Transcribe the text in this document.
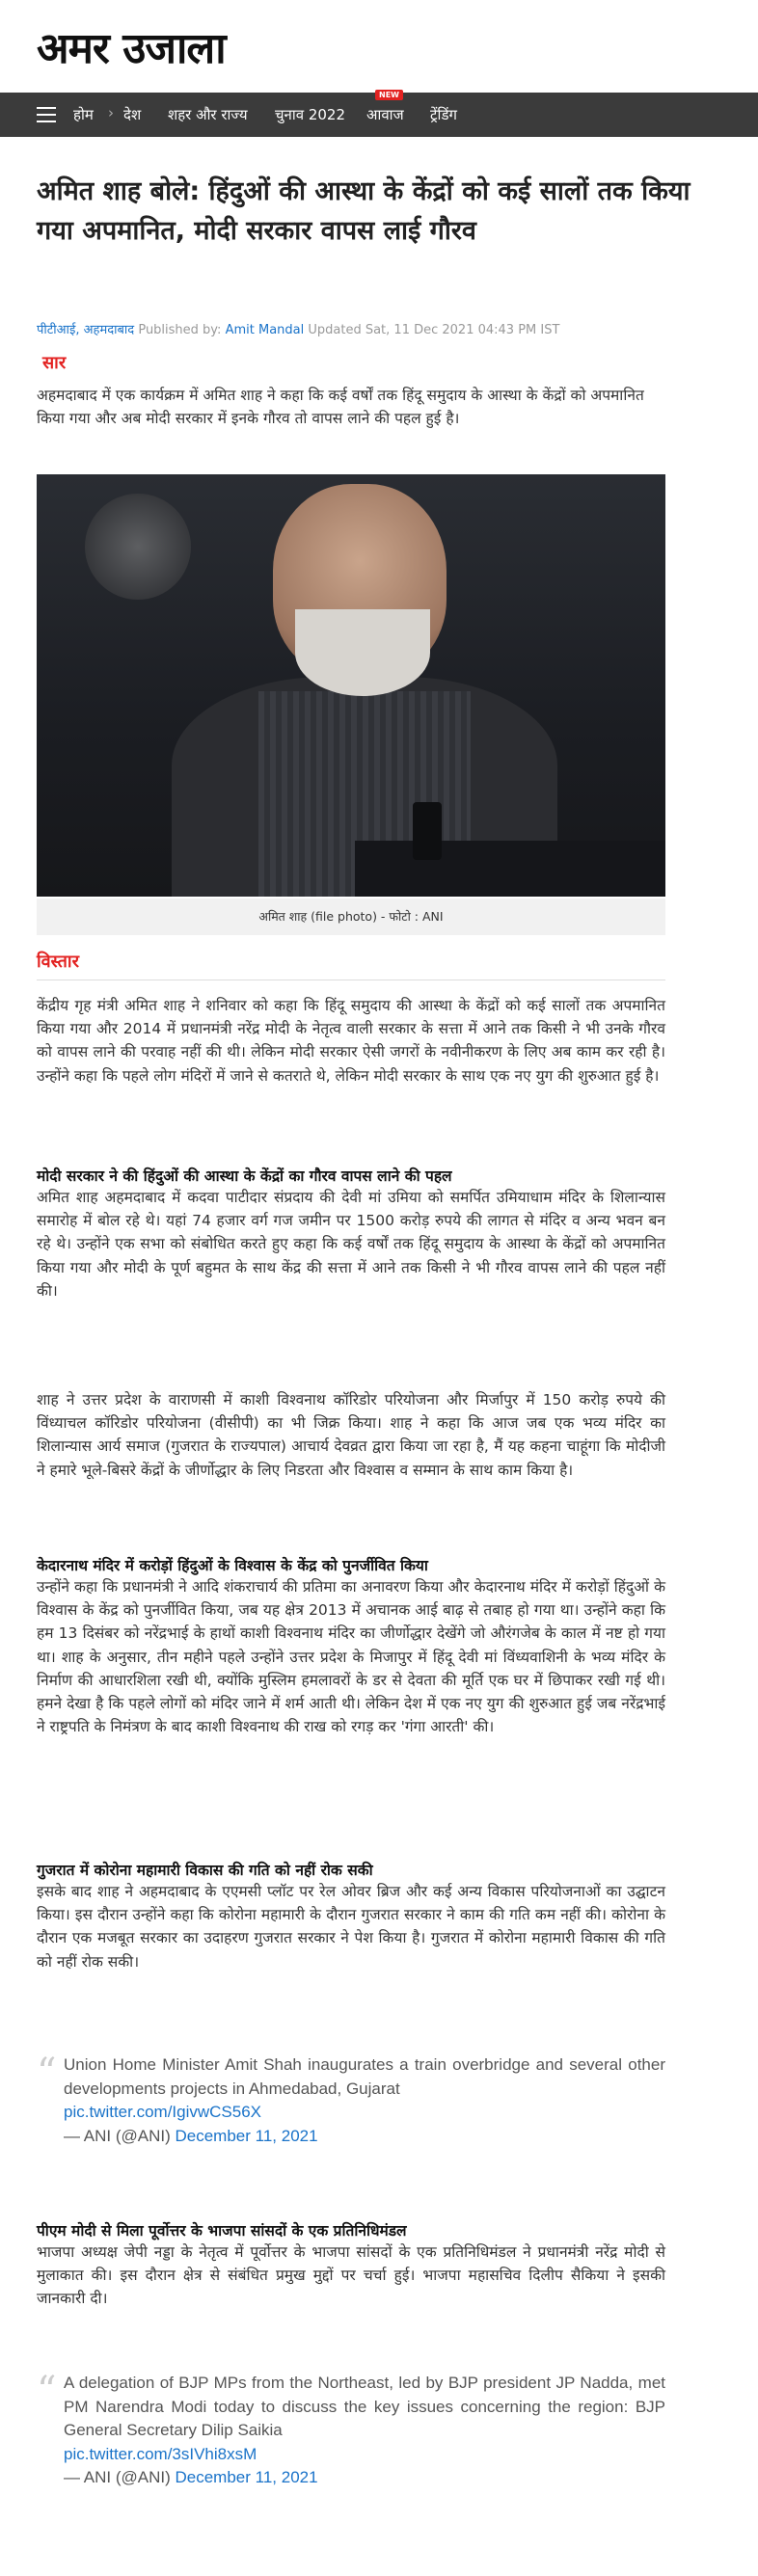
अमर उजाला
होम › देश शहर और राज्य चुनाव 2022 आवाज ट्रेंडिंग
NEW
अमित शाह बोले: हिंदुओं की आस्था के केंद्रों को कई सालों तक किया गया अपमानित, मोदी सरकार वापस लाई गौरव
पीटीआई, अहमदाबाद Published by: Amit Mandal Updated Sat, 11 Dec 2021 04:43 PM IST
सार

अहमदाबाद में एक कार्यक्रम में अमित शाह ने कहा कि कई वर्षों तक हिंदू समुदाय के आस्था के केंद्रों को अपमानित किया गया और अब मोदी सरकार में इनके गौरव तो वापस लाने की पहल हुई है।

अमित शाह (file photo) - फोटो : ANI
विस्तार

केंद्रीय गृह मंत्री अमित शाह ने शनिवार को कहा कि हिंदू समुदाय की आस्था के केंद्रों को कई सालों तक अपमानित किया गया और 2014 में प्रधानमंत्री नरेंद्र मोदी के नेतृत्व वाली सरकार के सत्ता में आने तक किसी ने भी उनके गौरव को वापस लाने की परवाह नहीं की थी। लेकिन मोदी सरकार ऐसी जगरों के नवीनीकरण के लिए अब काम कर रही है। उन्होंने कहा कि पहले लोग मंदिरों में जाने से कतराते थे, लेकिन मोदी सरकार के साथ एक नए युग की शुरुआत हुई है।

मोदी सरकार ने की हिंदुओं की आस्था के केंद्रों का गौरव वापस लाने की पहल

अमित शाह अहमदाबाद में कदवा पाटीदार संप्रदाय की देवी मां उमिया को समर्पित उमियाधाम मंदिर के शिलान्यास समारोह में बोल रहे थे। यहां 74 हजार वर्ग गज जमीन पर 1500 करोड़ रुपये की लागत से मंदिर व अन्य भवन बन रहे थे। उन्होंने एक सभा को संबोधित करते हुए कहा कि कई वर्षों तक हिंदू समुदाय के आस्था के केंद्रों को अपमानित किया गया और मोदी के पूर्ण बहुमत के साथ केंद्र की सत्ता में आने तक किसी ने भी गौरव वापस लाने की पहल नहीं की।

शाह ने उत्तर प्रदेश के वाराणसी में काशी विश्वनाथ कॉरिडोर परियोजना और मिर्जापुर में 150 करोड़ रुपये की विंध्याचल कॉरिडोर परियोजना (वीसीपी) का भी जिक्र किया। शाह ने कहा कि आज जब एक भव्य मंदिर का शिलान्यास आर्य समाज (गुजरात के राज्यपाल) आचार्य देवव्रत द्वारा किया जा रहा है, मैं यह कहना चाहूंगा कि मोदीजी ने हमारे भूले-बिसरे केंद्रों के जीर्णोद्धार के लिए निडरता और विश्वास व सम्मान के साथ काम किया है।

केदारनाथ मंदिर में करोड़ों हिंदुओं के विश्वास के केंद्र को पुनर्जीवित किया

उन्होंने कहा कि प्रधानमंत्री ने आदि शंकराचार्य की प्रतिमा का अनावरण किया और केदारनाथ मंदिर में करोड़ों हिंदुओं के विश्वास के केंद्र को पुनर्जीवित किया, जब यह क्षेत्र 2013 में अचानक आई बाढ़ से तबाह हो गया था। उन्होंने कहा कि हम 13 दिसंबर को नरेंद्रभाई के हाथों काशी विश्वनाथ मंदिर का जीर्णोद्धार देखेंगे जो औरंगजेब के काल में नष्ट हो गया था। शाह के अनुसार, तीन महीने पहले उन्होंने उत्तर प्रदेश के मिजापुर में हिंदू देवी मां विंध्यवाशिनी के भव्य मंदिर के निर्माण की आधारशिला रखी थी, क्योंकि मुस्लिम हमलावरों के डर से देवता की मूर्ति एक घर में छिपाकर रखी गई थी। हमने देखा है कि पहले लोगों को मंदिर जाने में शर्म आती थी। लेकिन देश में एक नए युग की शुरुआत हुई जब नरेंद्रभाई ने राष्ट्रपति के निमंत्रण के बाद काशी विश्वनाथ की राख को रगड़ कर 'गंगा आरती' की।

गुजरात में कोरोना महामारी विकास की गति को नहीं रोक सकी

इसके बाद शाह ने अहमदाबाद के एएमसी प्लॉट पर रेल ओवर ब्रिज और कई अन्य विकास परियोजनाओं का उद्घाटन किया। इस दौरान उन्होंने कहा कि कोरोना महामारी के दौरान गुजरात सरकार ने काम की गति कम नहीं की। कोरोना के दौरान एक मजबूत सरकार का उदाहरण गुजरात सरकार ने पेश किया है। गुजरात में कोरोना महामारी विकास की गति को नहीं रोक सकी।

“ Union Home Minister Amit Shah inaugurates a train overbridge and several other developments projects in Ahmedabad, Gujarat
pic.twitter.com/IgivwCS56X
— ANI (@ANI) December 11, 2021
पीएम मोदी से मिला पूर्वोत्तर के भाजपा सांसदों के एक प्रतिनिधिमंडल

भाजपा अध्यक्ष जेपी नड्डा के नेतृत्व में पूर्वोत्तर के भाजपा सांसदों के एक प्रतिनिधिमंडल ने प्रधानमंत्री नरेंद्र मोदी से मुलाकात की। इस दौरान क्षेत्र से संबंधित प्रमुख मुद्दों पर चर्चा हुई। भाजपा महासचिव दिलीप सैकिया ने इसकी जानकारी दी।

“ A delegation of BJP MPs from the Northeast, led by BJP president JP Nadda, met PM Narendra Modi today to discuss the key issues concerning the region: BJP General Secretary Dilip Saikia
pic.twitter.com/3sIVhi8xsM
— ANI (@ANI) December 11, 2021
